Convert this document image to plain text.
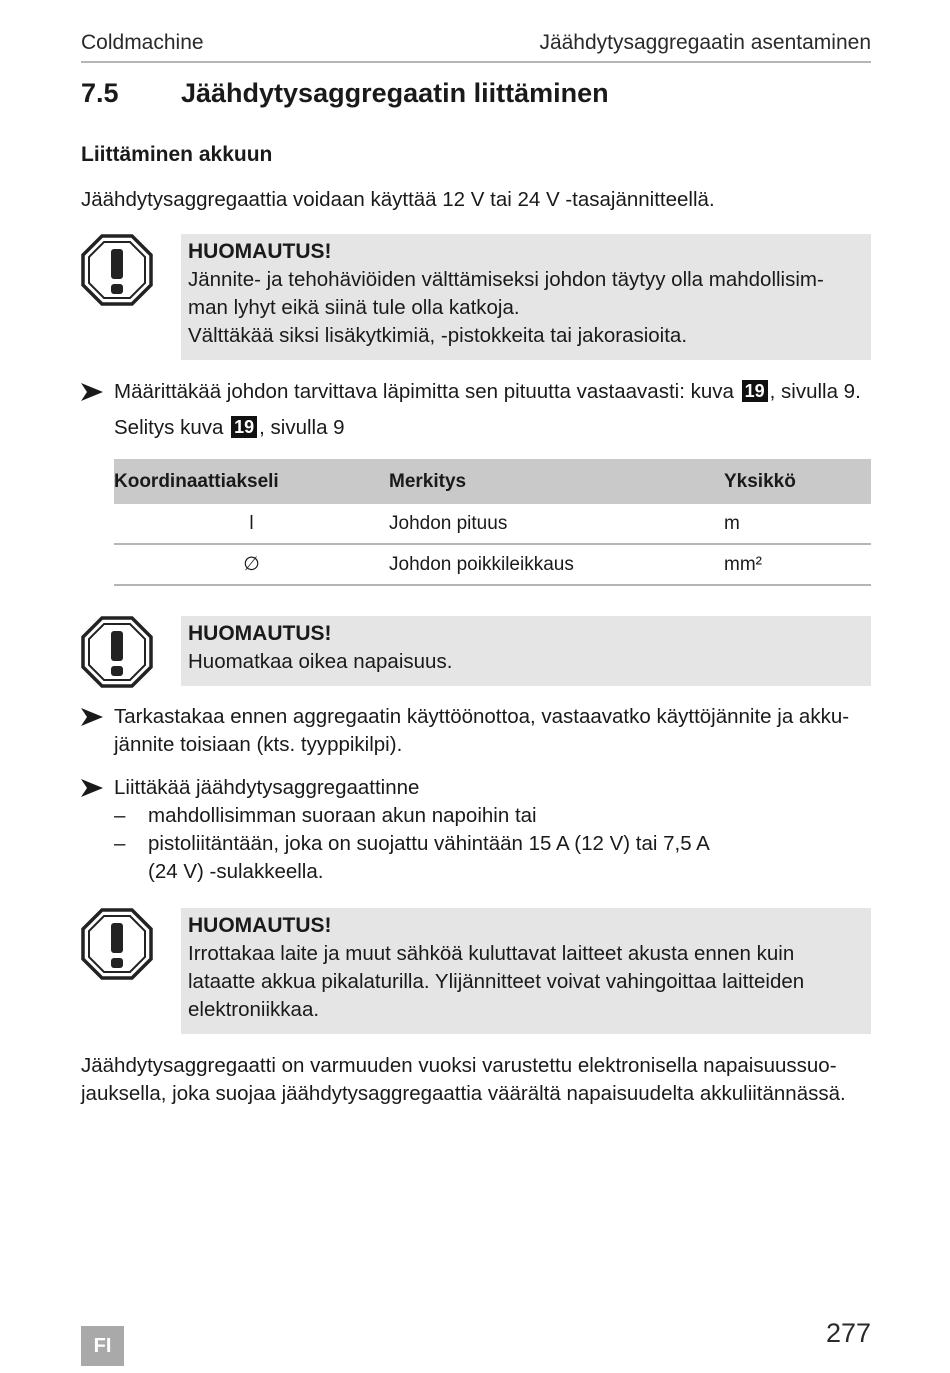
Coldmachine	Jäähdytysaggregaatin asentaminen
7.5	Jäähdytysaggregaatin liittäminen
Liittäminen akkuun

Jäähdytysaggregaattia voidaan käyttää 12 V tai 24 V -tasajännitteellä.

HUOMAUTUS!
Jännite- ja tehohäviöiden välttämiseksi johdon täytyy olla mahdollisim-
man lyhyt eikä siinä tule olla katkoja.
Välttäkää siksi lisäkytkimiä, -pistokkeita tai jakorasioita.
Määrittäkää johdon tarvittava läpimitta sen pituutta vastaavasti: kuva 19 , sivulla 9.
Selitys kuva 19 , sivulla 9
Koordinaattiakseli	Merkitys	Yksikkö
l	Johdon pituus	m
∅	Johdon poikkileikkaus	mm²
HUOMAUTUS!
Huomatkaa oikea napaisuus.
Tarkastakaa ennen aggregaatin käyttöönottoa, vastaavatko käyttöjännite ja akku-
jännite toisiaan (kts. tyyppikilpi).
Liittäkää jäähdytysaggregaattinne
– mahdollisimman suoraan akun napoihin tai
– pistoliitäntään, joka on suojattu vähintään 15 A (12 V) tai 7,5 A
(24 V) -sulakkeella.
HUOMAUTUS!
Irrottakaa laite ja muut sähköä kuluttavat laitteet akusta ennen kuin
lataatte akkua pikalaturilla. Ylijännitteet voivat vahingoittaa laitteiden
elektroniikkaa.
Jäähdytysaggregaatti on varmuuden vuoksi varustettu elektronisella napaisuussuo-
jauksella, joka suojaa jäähdytysaggregaattia väärältä napaisuudelta akkuliitännässä.
FI	277
